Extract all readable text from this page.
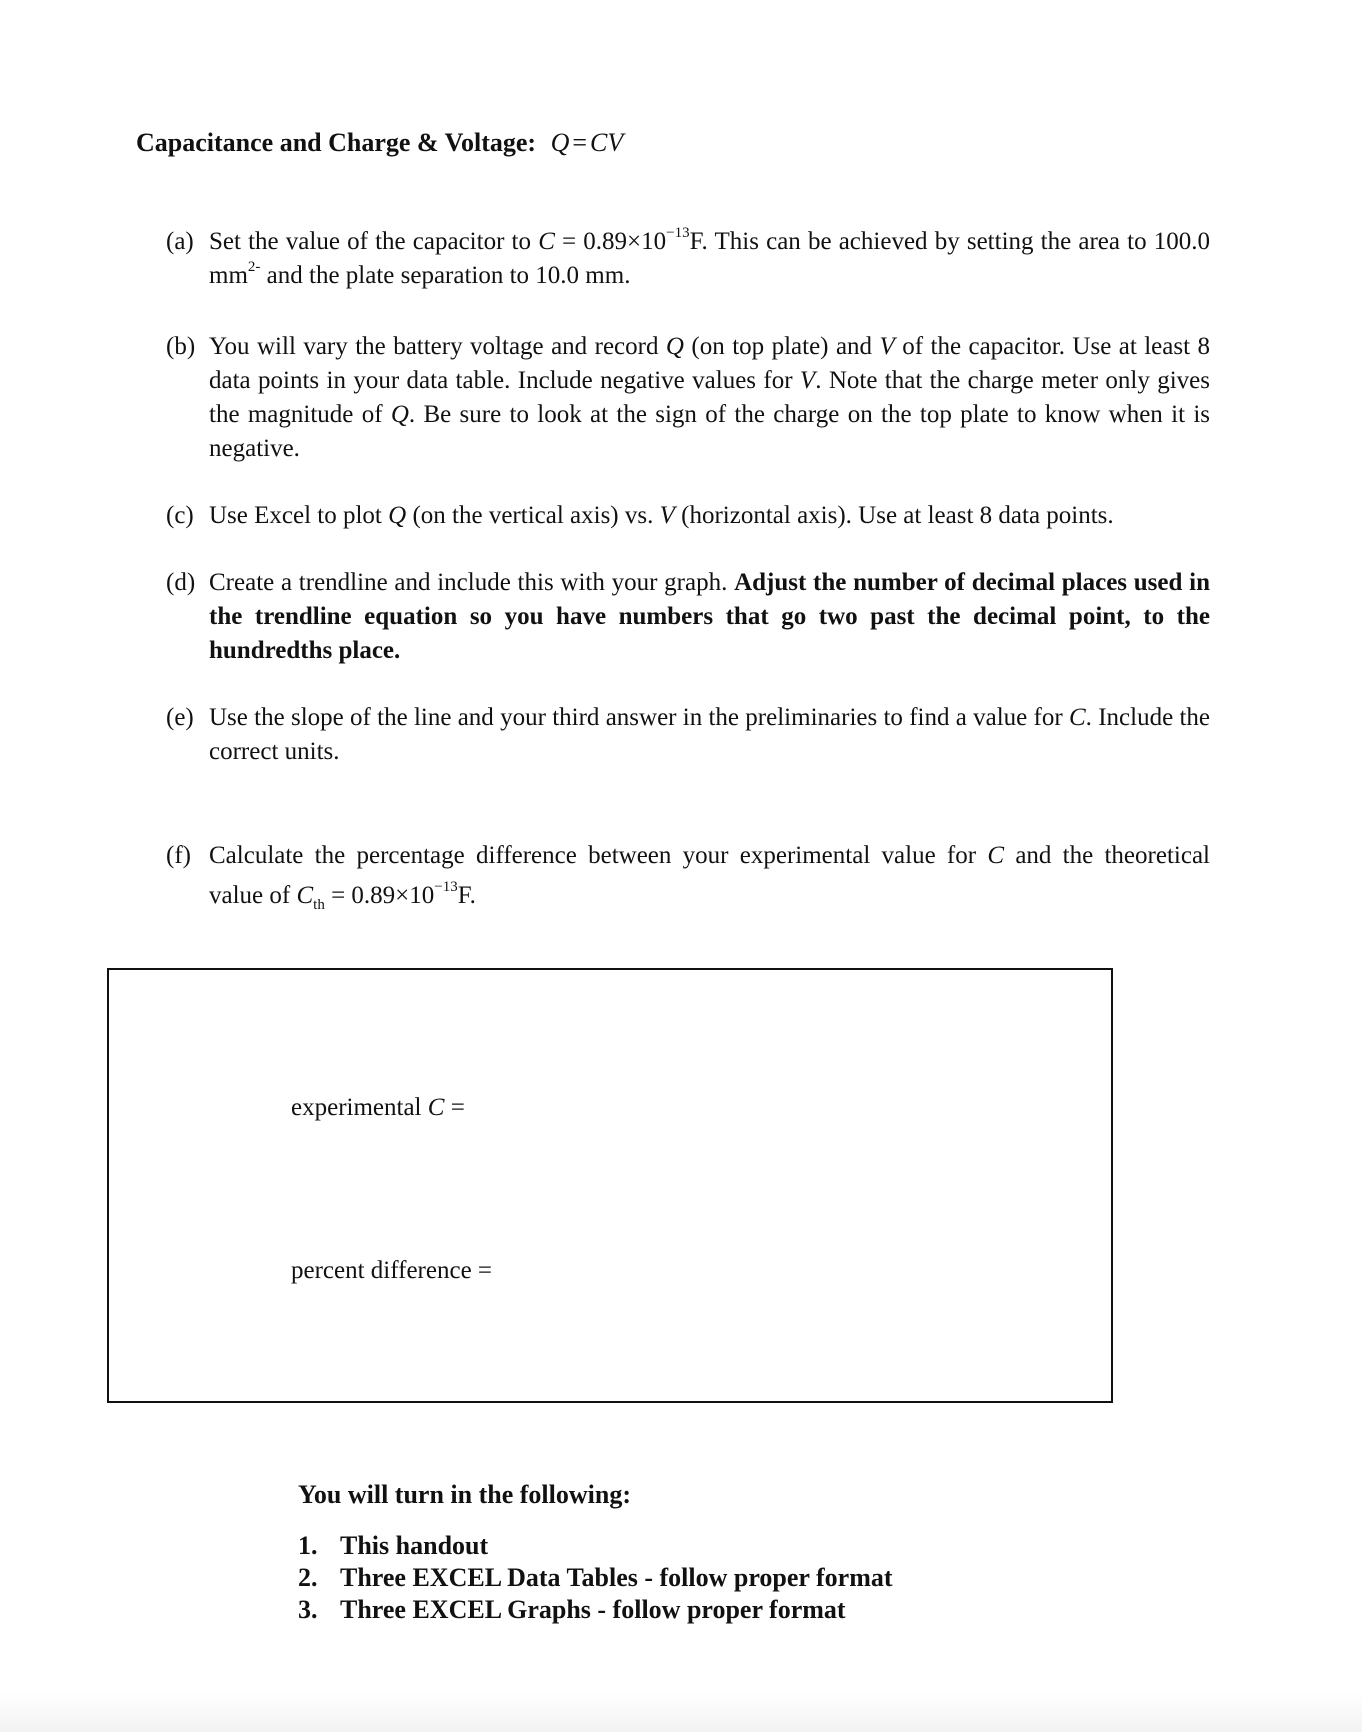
Capacitance and Charge & Voltage: Q = CV
(a) Set the value of the capacitor to $C = 0.89\times 10^{-13}F$. This can be achieved by setting the area to 100.0 $mm^{2-}$ and the plate separation to 10.0 mm.
(b) You will vary the battery voltage and record Q (on top plate) and V of the capacitor. Use at least 8 data points in your data table. Include negative values for V. Note that the charge meter only gives the magnitude of Q. Be sure to look at the sign of the charge on the top plate to know when it is negative.
(c) Use Excel to plot Q (on the vertical axis) vs. V (horizontal axis). Use at least 8 data points.
(d) Create a trendline and include this with your graph. Adjust the number of decimal places used in the trendline equation so you have numbers that go two past the decimal point, to the hundredths place.
(e) Use the slope of the line and your third answer in the preliminaries to find a value for C. Include the correct units.
(f) Calculate the percentage difference between your experimental value for C and the theoretical value of $C_{th} = 0.89\times 10^{-13}F$.
experimental C =
percent difference =
You will turn in the following:
1. This handout
2. Three EXCEL Data Tables - follow proper format
3. Three EXCEL Graphs - follow proper format
